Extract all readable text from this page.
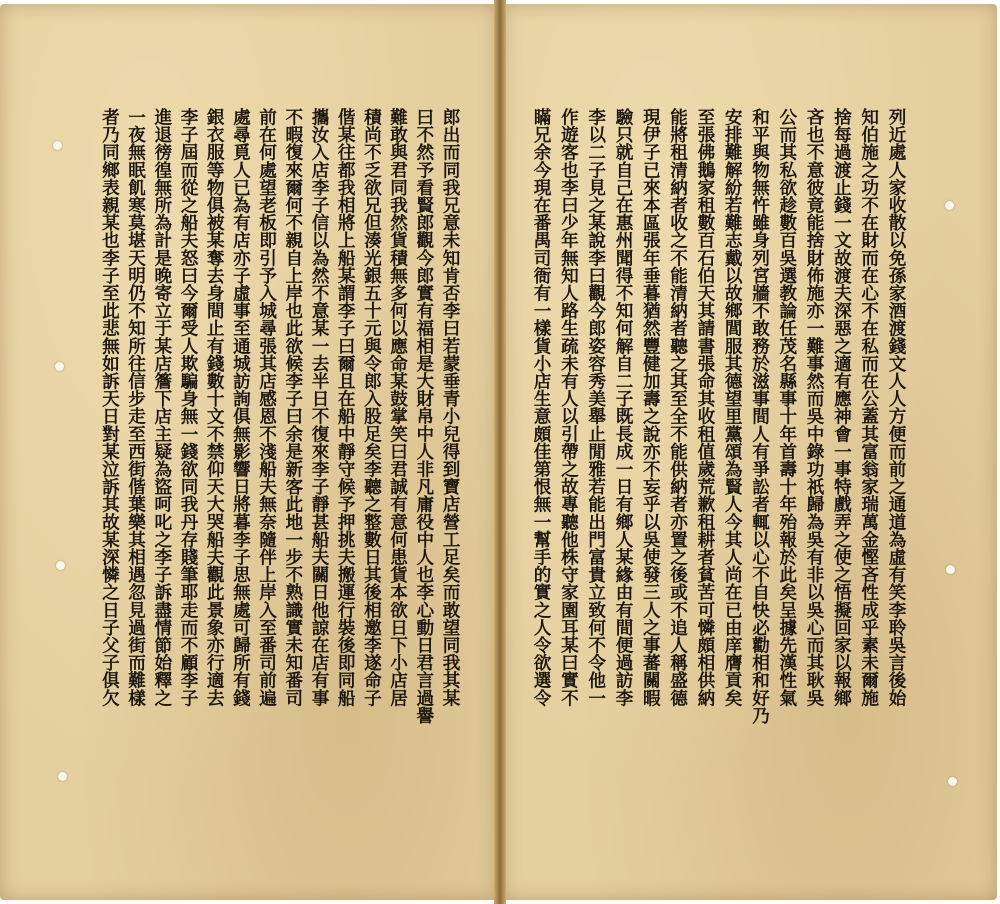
列近處人家收散以免孫家酒渡錢文人人方便而前之通道為虛有笑李聆吳言後始
知伯施之功不在財而在心不在私而在公蓋其富翁家瑞萬金慳吝性成乎素未爾施
捨每過渡止錢一文故渡夫深惡之適有應神會一事特戲弄之使之悟擬回家以報鄉
吝也不意彼竟能捨財佈施亦一難事然而吳中錄功祇歸為吳有非以吳心而其耿吳
公而其私欲趁數百吳選教論任茂名縣事十年首壽十年殆報於此矣呈據先漢性氣
和平與物無忤雖身列宮牆不敢務於滋事間人有爭訟者輒以心不自快必勸相和好乃
安排難解紛若難志戴以故鄉閭服其德望里黨頌為賢人今其人尚在已由庠膺貢矣
至張佛鵝家租數百石伯天其請書張命其收租值歲荒歉租耕者貧苦可憐頗相供納
能將租清納者收之不能清納者聽之其至全不能供納者亦置之後或不追人稱盛德
現伊子已來本區張年垂暮猶然豐健加壽之說亦不妄乎以吳使發三人之事蕃關暇
驗只就自己在惠州聞得不知何解自二子既長成一日有鄉人某緣由有間便過訪李
李以二子見之某說李曰觀今郎姿容秀美舉止閒雅若能出門富貴立致何不令他一
作遊客也李曰少年無知人路生疏未有人以引帶之故專聽他株守家園耳某曰實不
瞞兄余今現在番禺司衙有一樣貨小店生意頗佳第恨無一幫手的實之人令欲選令
郎出而同我兄意未知肯否李曰若蒙垂青小兒得到寶店營工足矣而敢望同我其某
曰不然予看賢郎觀今郎實有福相是大財帛中人非凡庸役中人也李心動日君言過譽
難敢與君同我然貨積無多何以應命某鼓掌笑曰君誠有意何患貨本欲日下小店居
積尚不乏欲兄但湊光銀五十元與令郎入股足矣李聽之整數日其後相邀李遂命子
偕某往都我相將上船某謂李子曰爾且在船中靜守候予押挑夫搬運行裝後即同船
攜汝入店李子信以為然不意某一去半日不復來李子靜甚船夫關日他諒在店有事
不暇復來爾何不親自上岸也此欲候李子曰余是新客此地一步不熟識實未知番司
前在何處望老板即引予入城尋張其店感恩不淺船夫無奈隨伴上岸入至番司前遍
處尋覓人已為有店亦子虛事至通城訪詢俱無影響日將暮李子思無處可歸所有錢
銀衣服等物俱被某奪去身間止有錢數十文不禁仰天大哭船夫觀此景象亦行適去
李子屆而從之船夫怒曰今爾受人欺騙身無一錢欲同我丹存賤筆耶走而不顧李子
進退徬徨無所為計是晚寄立于某店簷下店主疑為盜呵叱之李子訴盡情節始釋之
一夜無眠飢寒莫堪天明仍不知所往信步走至西街偕葉樂其相遇忽見過街而難樣
者乃同鄉表親某也李子至此悲無如訴天日對某泣訴其故某深憐之日子父子俱欠
